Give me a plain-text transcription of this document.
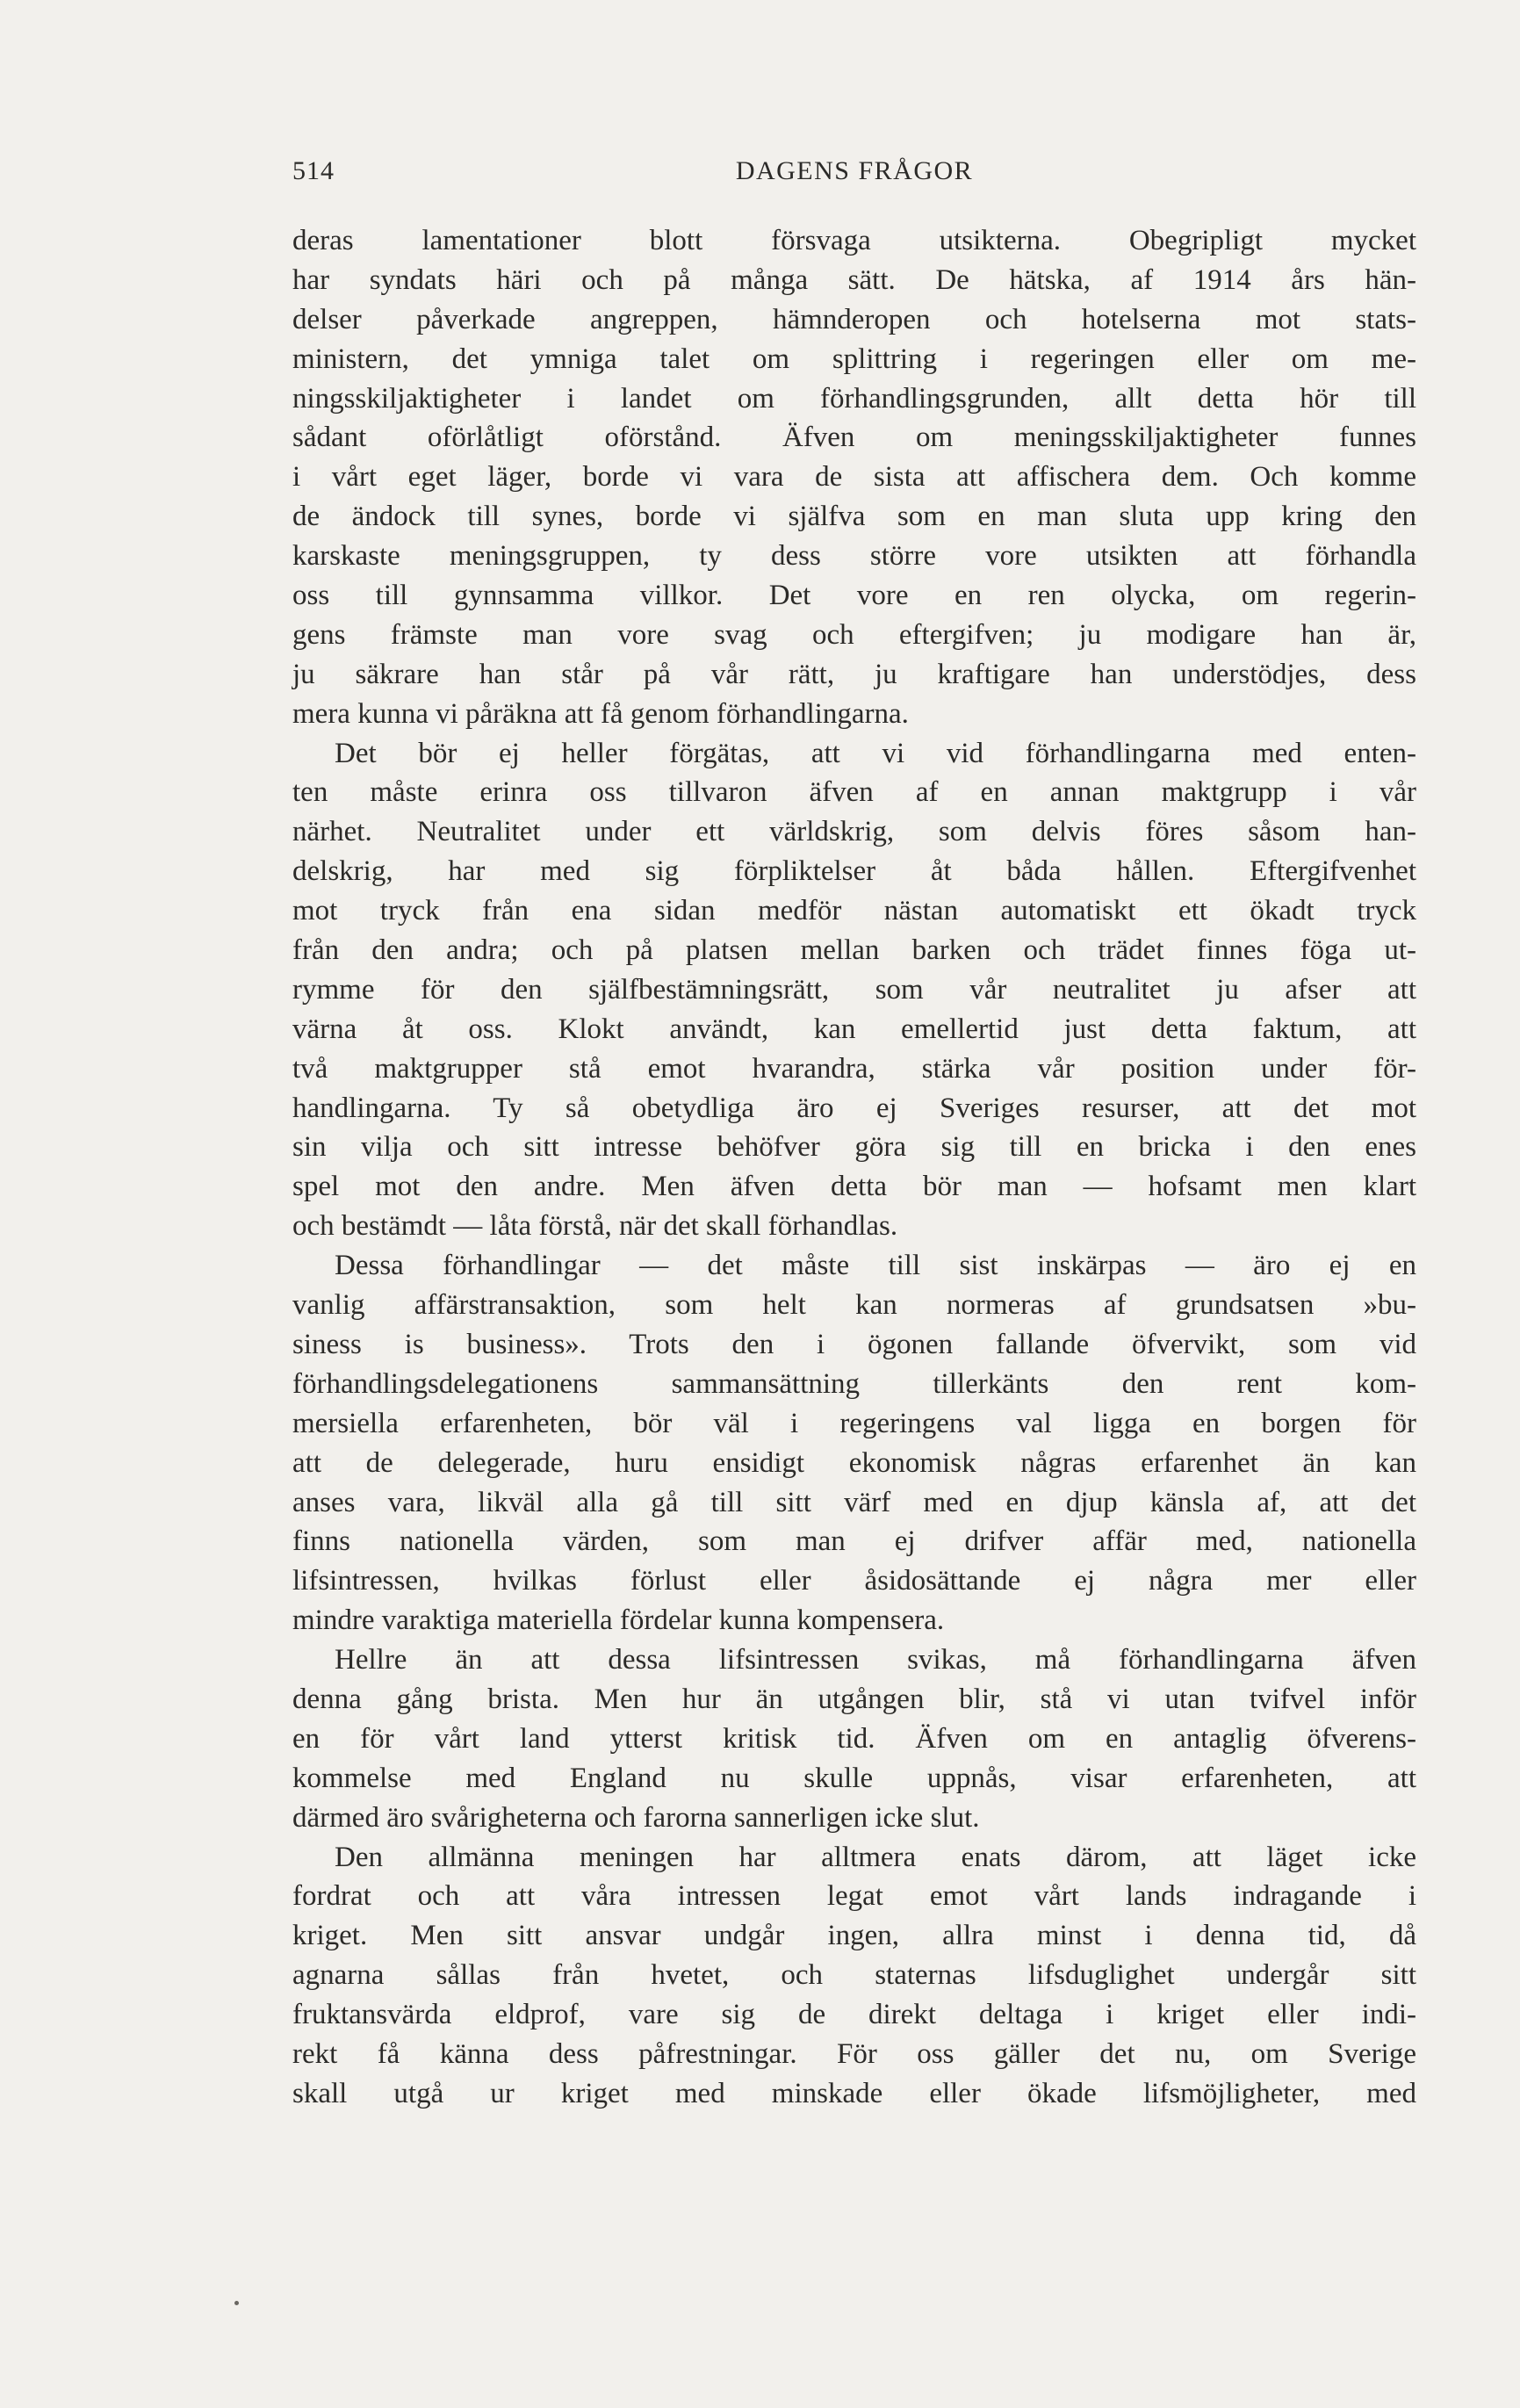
514	DAGENS FRÅGOR
deras lamentationer blott försvaga utsikterna. Obegripligt mycket
har syndats häri och på många sätt. De hätska, af 1914 års hän-
delser påverkade angreppen, hämnderopen och hotelserna mot stats-
ministern, det ymniga talet om splittring i regeringen eller om me-
ningsskiljaktigheter i landet om förhandlingsgrunden, allt detta hör till
sådant oförlåtligt oförstånd. Äfven om meningsskiljaktigheter funnes
i vårt eget läger, borde vi vara de sista att affischera dem. Och komme
de ändock till synes, borde vi själfva som en man sluta upp kring den
karskaste meningsgruppen, ty dess större vore utsikten att förhandla
oss till gynnsamma villkor. Det vore en ren olycka, om regerin-
gens främste man vore svag och eftergifven; ju modigare han är,
ju säkrare han står på vår rätt, ju kraftigare han understödjes, dess
mera kunna vi påräkna att få genom förhandlingarna.
Det bör ej heller förgätas, att vi vid förhandlingarna med enten-
ten måste erinra oss tillvaron äfven af en annan maktgrupp i vår
närhet. Neutralitet under ett världskrig, som delvis föres såsom han-
delskrig, har med sig förpliktelser åt båda hållen. Eftergifvenhet
mot tryck från ena sidan medför nästan automatiskt ett ökadt tryck
från den andra; och på platsen mellan barken och trädet finnes föga ut-
rymme för den själfbestämningsrätt, som vår neutralitet ju afser att
värna åt oss. Klokt användt, kan emellertid just detta faktum, att
två maktgrupper stå emot hvarandra, stärka vår position under för-
handlingarna. Ty så obetydliga äro ej Sveriges resurser, att det mot
sin vilja och sitt intresse behöfver göra sig till en bricka i den enes
spel mot den andre. Men äfven detta bör man — hofsamt men klart
och bestämdt — låta förstå, när det skall förhandlas.
Dessa förhandlingar — det måste till sist inskärpas — äro ej en
vanlig affärstransaktion, som helt kan normeras af grundsatsen »bu-
siness is business». Trots den i ögonen fallande öfvervikt, som vid
förhandlingsdelegationens sammansättning tillerkänts den rent kom-
mersiella erfarenheten, bör väl i regeringens val ligga en borgen för
att de delegerade, huru ensidigt ekonomisk någras erfarenhet än kan
anses vara, likväl alla gå till sitt värf med en djup känsla af, att det
finns nationella värden, som man ej drifver affär med, nationella
lifsintressen, hvilkas förlust eller åsidosättande ej några mer eller
mindre varaktiga materiella fördelar kunna kompensera.
Hellre än att dessa lifsintressen svikas, må förhandlingarna äfven
denna gång brista. Men hur än utgången blir, stå vi utan tvifvel inför
en för vårt land ytterst kritisk tid. Äfven om en antaglig öfverens-
kommelse med England nu skulle uppnås, visar erfarenheten, att
därmed äro svårigheterna och farorna sannerligen icke slut.
Den allmänna meningen har alltmera enats därom, att läget icke
fordrat och att våra intressen legat emot vårt lands indragande i
kriget. Men sitt ansvar undgår ingen, allra minst i denna tid, då
agnarna sållas från hvetet, och staternas lifsduglighet undergår sitt
fruktansvärda eldprof, vare sig de direkt deltaga i kriget eller indi-
rekt få känna dess påfrestningar. För oss gäller det nu, om Sverige
skall utgå ur kriget med minskade eller ökade lifsmöjligheter, med
